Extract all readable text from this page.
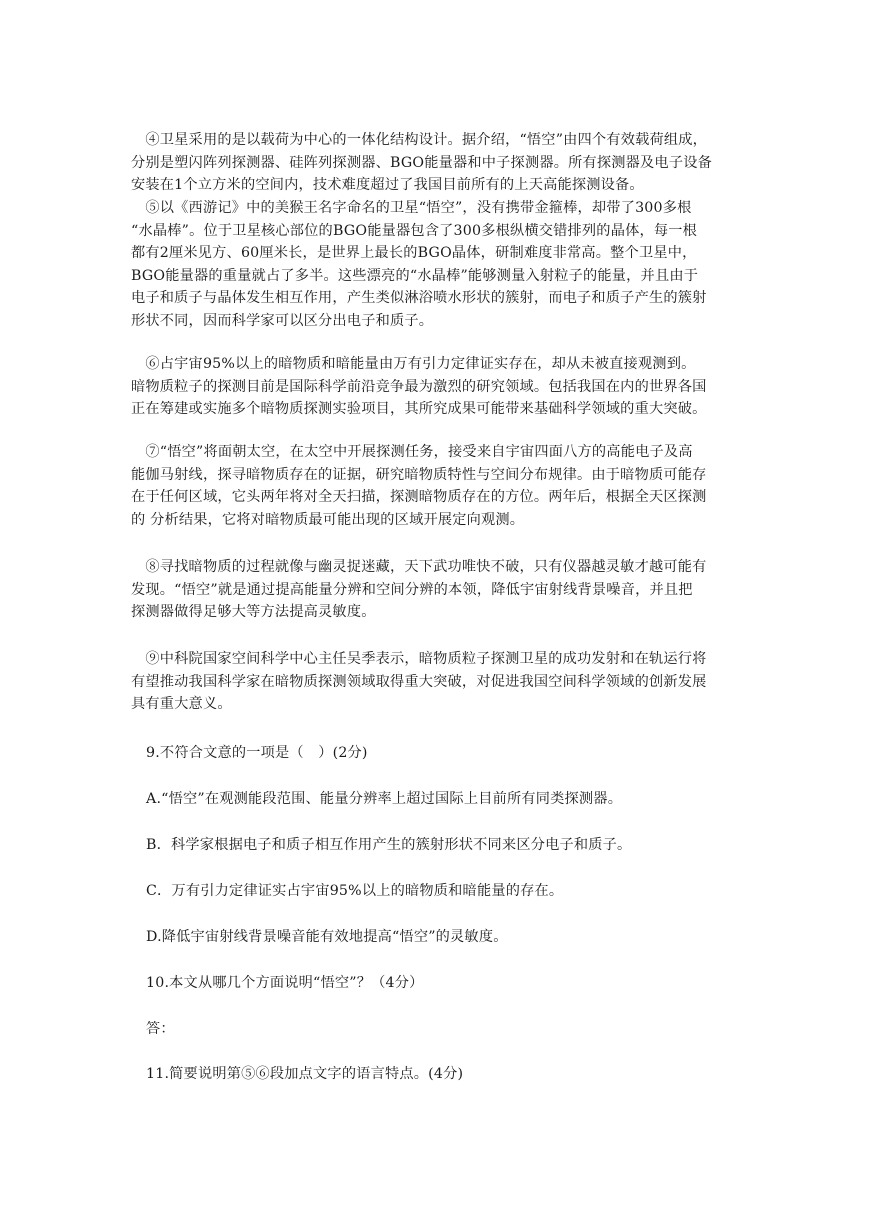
　④卫星采用的是以载荷为中心的一体化结构设计。据介绍，“悟空”由四个有效载荷组成，
分别是塑闪阵列探测器、硅阵列探测器、BGO能量器和中子探测器。所有探测器及电子设备
安装在1个立方米的空间内，技术难度超过了我国目前所有的上天高能探测设备。
　⑤以《西游记》中的美猴王名字命名的卫星“悟空”，没有携带金箍棒，却带了300多根
“水晶棒”。位于卫星核心部位的BGO能量器包含了300多根纵横交错排列的晶体，每一根
都有2厘米见方、60厘米长，是世界上最长的BGO晶体，研制难度非常高。整个卫星中，
BGO能量器的重量就占了多半。这些漂亮的“水晶棒”能够测量入射粒子的能量，并且由于
电子和质子与晶体发生相互作用，产生类似淋浴喷水形状的簇射，而电子和质子产生的簇射
形状不同，因而科学家可以区分出电子和质子。
　⑥占宇宙95%以上的暗物质和暗能量由万有引力定律证实存在，却从未被直接观测到。
暗物质粒子的探测目前是国际科学前沿竞争最为激烈的研究领域。包括我国在内的世界各国
正在筹建或实施多个暗物质探测实验项目，其所究成果可能带来基础科学领域的重大突破。
　⑦“悟空”将面朝太空，在太空中开展探测任务，接受来自宇宙四面八方的高能电子及高
能伽马射线，探寻暗物质存在的证据，研究暗物质特性与空间分布规律。由于暗物质可能存
在于任何区域，它头两年将对全天扫描，探测暗物质存在的方位。两年后，根据全天区探测
的 分析结果，它将对暗物质最可能出现的区域开展定向观测。
　⑧寻找暗物质的过程就像与幽灵捉迷藏，天下武功唯快不破，只有仪器越灵敏才越可能有
发现。“悟空”就是通过提高能量分辨和空间分辨的本领，降低宇宙射线背景噪音，并且把
探测器做得足够大等方法提高灵敏度。
　⑨中科院国家空间科学中心主任吴季表示，暗物质粒子探测卫星的成功发射和在轨运行将
有望推动我国科学家在暗物质探测领域取得重大突破，对促进我国空间科学领域的创新发展
具有重大意义。
9.不符合文意的一项是（　）(2分)
A.“悟空”在观测能段范围、能量分辨率上超过国际上目前所有同类探测器。
B．科学家根据电子和质子相互作用产生的簇射形状不同来区分电子和质子。
C．万有引力定律证实占宇宙95%以上的暗物质和暗能量的存在。
D.降低宇宙射线背景噪音能有效地提高“悟空”的灵敏度。
10.本文从哪几个方面说明“悟空”？（4分）
答：
11.简要说明第⑤⑥段加点文字的语言特点。(4分)
